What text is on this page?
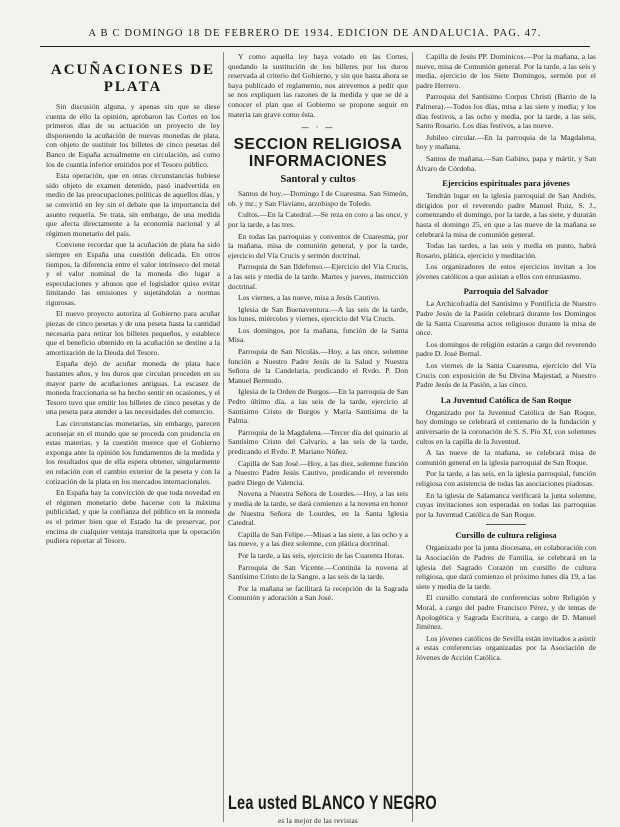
A B C DOMINGO 18 DE FEBRERO DE 1934. EDICION DE ANDALUCIA. PAG. 47.
ACUÑACIONES DE PLATA

Sin discusión alguna, y apenas sin que se diese cuenta de ello la opinión, aprobaron las Cortes en los primeros días de su actuación un proyecto de ley disponiendo la acuñación de nuevas monedas de plata, con objeto de sustituir los billetes de cinco pesetas del Banco de España actualmente en circulación, así como los de cuantía inferior emitidos por el Tesoro público.

Esta operación, que en otras circunstancias hubiese sido objeto de examen detenido, pasó inadvertida en medio de las preocupaciones políticas de aquellos días, y se convirtió en ley sin el debate que la importancia del asunto requería. Se trata, sin embargo, de una medida que afecta directamente a la economía nacional y al régimen monetario del país.

Conviene recordar que la acuñación de plata ha sido siempre en España una cuestión delicada. En otros tiempos, la diferencia entre el valor intrínseco del metal y el valor nominal de la moneda dio lugar a especulaciones y abusos que el legislador quiso evitar limitando las emisiones y sujetándolas a normas rigurosas.

El nuevo proyecto autoriza al Gobierno para acuñar piezas de cinco pesetas y de una peseta hasta la cantidad necesaria para retirar los billetes pequeños, y establece que el beneficio obtenido en la acuñación se destine a la amortización de la Deuda del Tesoro.

España dejó de acuñar moneda de plata hace bastantes años, y los duros que circulan proceden en su mayor parte de acuñaciones antiguas. La escasez de moneda fraccionaria se ha hecho sentir en ocasiones, y el Tesoro tuvo que emitir los billetes de cinco pesetas y de una peseta para atender a las necesidades del comercio.

Las circunstancias monetarias, sin embargo, parecen aconsejar en el mundo que se proceda con prudencia en estas materias, y la cuestión merece que el Gobierno exponga ante la opinión los fundamentos de la medida y los resultados que de ella espera obtener, singularmente en relación con el cambio exterior de la peseta y con la cotización de la plata en los mercados internacionales.

En España hay la convicción de que toda novedad en el régimen monetario debe hacerse con la máxima publicidad, y que la confianza del público en la moneda es el primer bien que el Estado ha de preservar, por encima de cualquier ventaja transitoria que la operación pudiera reportar al Tesoro.

Y como aquella ley haya votado en las Cortes, quedando la sustitución de los billetes por los duros reservada al criterio del Gobierno, y sin que hasta ahora se haya publicado el reglamento, nos atrevemos a pedir que se nos expliquen las razones de la medida y que se dé a conocer el plan que el Gobierno se propone seguir en materia tan grave como ésta.

— · —
SECCION RELIGIOSA INFORMACIONES
Santoral y cultos

Santos de hoy.—Domingo I de Cuaresma. San Simeón, ob. y mr.; y San Flaviano, arzobispo de Toledo.

Cultos.—En la Catedral.—Se reza en coro a las once, y por la tarde, a las tres.

En todas las parroquias y conventos de Cuaresma, por la mañana, misa de comunión general, y por la tarde, ejercicio del Vía Crucis y sermón doctrinal.

Parroquia de San Ildefonso.—Ejercicio del Vía Crucis, a las seis y media de la tarde. Martes y jueves, instrucción doctrinal.

Los viernes, a las nueve, misa a Jesús Cautivo.

Iglesia de San Buenaventura.—A las seis de la tarde, los lunes, miércoles y viernes, ejercicio del Vía Crucis.

Los domingos, por la mañana, función de la Santa Misa.

Parroquia de San Nicolás.—Hoy, a las once, solemne función a Nuestro Padre Jesús de la Salud y Nuestra Señora de la Candelaria, predicando el Rvdo. P. Don Manuel Bermudo.

Iglesia de la Orden de Burgos.—En la parroquia de San Pedro último día, a las seis de la tarde, ejercicio al Santísimo Cristo de Burgos y María Santísima de la Palma.

Parroquia de la Magdalena.—Tercer día del quinario al Santísimo Cristo del Calvario, a las seis de la tarde, predicando el Rvdo. P. Mariano Núñez.

Capilla de San José.—Hoy, a las diez, solemne función a Nuestro Padre Jesús Cautivo, predicando el reverendo padre Diego de Valencia.

Novena a Nuestra Señora de Lourdes.—Hoy, a las seis y media de la tarde, se dará comienzo a la novena en honor de Nuestra Señora de Lourdes, en la Santa Iglesia Catedral.

Capilla de San Felipe.—Misas a las siete, a las ocho y a las nueve, y a las diez solemne, con plática doctrinal.

Por la tarde, a las seis, ejercicio de las Cuarenta Horas.

Parroquia de San Vicente.—Continúa la novena al Santísimo Cristo de la Sangre, a las seis de la tarde.

Por la mañana se facilitará la recepción de la Sagrada Comunión y adoración a San José.

Lea usted BLANCO Y NEGRO
es la mejor de las revistas

Capilla de Jesús PP. Dominicos.—Por la mañana, a las nueve, misa de Comunión general. Por la tarde, a las seis y media, ejercicio de los Siete Domingos, sermón por el padre Herrero.

Parroquia del Santísimo Corpus Christi (Barrio de la Palmera).—Todos los días, misa a las siete y media; y los días festivos, a las ocho y media, por la tarde, a las seis, Santo Rosario. Los días festivos, a las nueve.

Jubileo circular.—En la parroquia de la Magdalena, hoy y mañana.

Santos de mañana.—San Gabino, papa y mártir, y San Álvaro de Córdoba.

Ejercicios espirituales para jóvenes

Tendrán lugar en la iglesia parroquial de San Andrés, dirigidos por el reverendo padre Manuel Ruiz, S. J., comenzando el domingo, por la tarde, a las siete, y durarán hasta el domingo 25, en que a las nueve de la mañana se celebrará la misa de comunión general.

Todas las tardes, a las seis y media en punto, habrá Rosario, plática, ejercicio y meditación.

Los organizadores de estos ejercicios invitan a los jóvenes católicos a que asistan a ellos con entusiasmo.

Parroquia del Salvador

La Archicofradía del Santísimo y Pontificia de Nuestro Padre Jesús de la Pasión celebrará durante los Domingos de la Santa Cuaresma actos religiosos durante la misa de once.

Los domingos de religión estarán a cargo del reverendo padre D. José Bernal.

Los viernes de la Santa Cuaresma, ejercicio del Vía Crucis con exposición de Su Divina Majestad, a Nuestro Padre Jesús de la Pasión, a las cinco.

La Juventud Católica de San Roque

Organizado por la Juventud Católica de San Roque, hoy domingo se celebrará el centenario de la fundación y aniversario de la coronación de S. S. Pío XI, con solemnes cultos en la capilla de la Juventud.

A las nueve de la mañana, se celebrará misa de comunión general en la iglesia parroquial de San Roque.

Por la tarde, a las seis, en la iglesia parroquial, función religiosa con asistencia de todas las asociaciones piadosas.

En la iglesia de Salamanca verificará la junta solemne, cuyas invitaciones son esperadas en todas las parroquias por la Juventud Católica de San Roque.

Cursillo de cultura religiosa

Organizado por la junta diocesana, en colaboración con la Asociación de Padres de Familia, se celebrará en la iglesia del Sagrado Corazón un cursillo de cultura religiosa, que dará comienzo el próximo lunes día 19, a las siete y media de la tarde.

El cursillo constará de conferencias sobre Religión y Moral, a cargo del padre Francisco Pérez, y de temas de Apologética y Sagrada Escritura, a cargo de D. Manuel Jiménez.

Los jóvenes católicos de Sevilla están invitados a asistir a estas conferencias organizadas por la Asociación de Jóvenes de Acción Católica.
